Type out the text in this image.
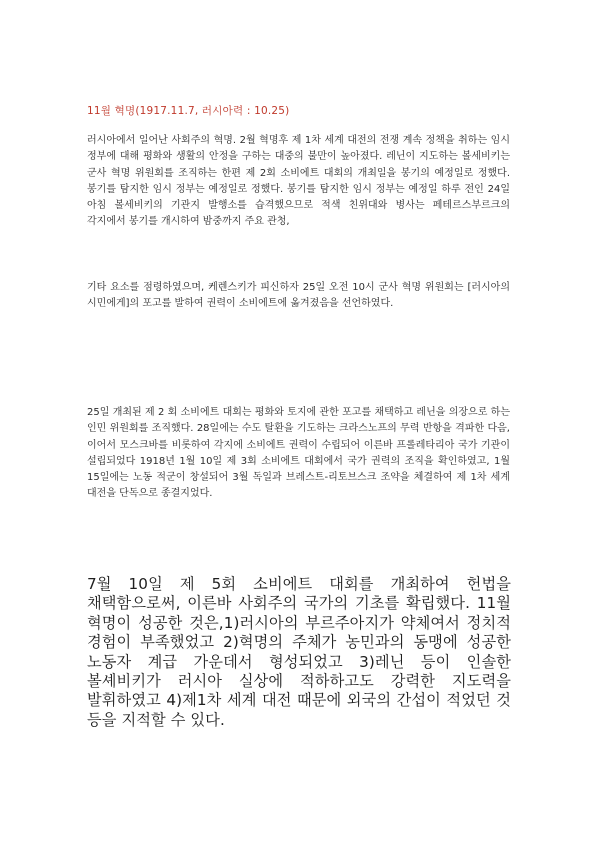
11월 혁명(1917.11.7, 러시아력 : 10.25)

러시아에서 일어난 사회주의 혁명. 2월 혁명후 제 1차 세계 대전의 전쟁 계속 정책을 취하는 임시 정부에 대해 평화와 생활의 안정을 구하는 대중의 불만이 높아졌다. 레닌이 지도하는 볼세비키는 군사 혁명 위원회를 조직하는 한편 제 2회 소비에트 대회의 개최일을 봉기의 예정일로 정했다. 봉기를 탐지한 임시 정부는 예정일로 정했다. 봉기를 탐지한 임시 정부는 예정일 하루 전인 24일 아침 볼세비키의 기관지 발행소를 습격했으므로 적색 친위대와 병사는 페테르스부르크의 각지에서 봉기를 개시하여 밤중까지 주요 관청,

기타 요소를 점령하였으며, 케렌스키가 피신하자 25일 오전 10시 군사 혁명 위원회는 [러시아의 시민에게]의 포고를 발하여 권력이 소비에트에 옮겨졌음을 선언하였다.

25일 개최된 제 2 회 소비에트 대회는 평화와 토지에 관한 포고를 채택하고 레닌을 의장으로 하는 인민 위원회를 조직했다. 28일에는 수도 탈환을 기도하는 크라스노프의 무력 반항을 격파한 다음, 이어서 모스크바를 비롯하여 각지에 소비에트 권력이 수립되어 이른바 프롤레타리아 국가 기관이 설립되었다 1918년 1월 10일 제 3회 소비에트 대회에서 국가 권력의 조직을 확인하였고, 1월 15일에는 노동 적군이 창설되어 3월 독일과 브레스트-리토브스크 조약을 체결하여 제 1차 세계 대전을 단독으로 종결지었다.

7월 10일 제 5회 소비에트 대회를 개최하여 헌법을 채택함으로써, 이른바 사회주의 국가의 기초를 확립했다. 11월 혁명이 성공한 것은,1)러시아의 부르주아지가 약체여서 정치적 경험이 부족했었고 2)혁명의 주체가 농민과의 동맹에 성공한 노동자 계급 가운데서 형성되었고 3)레닌 등이 인솔한 볼셰비키가 러시아 실상에 적하하고도 강력한 지도력을 발휘하였고 4)제1차 세계 대전 때문에 외국의 간섭이 적었던 것 등을 지적할 수 있다.
